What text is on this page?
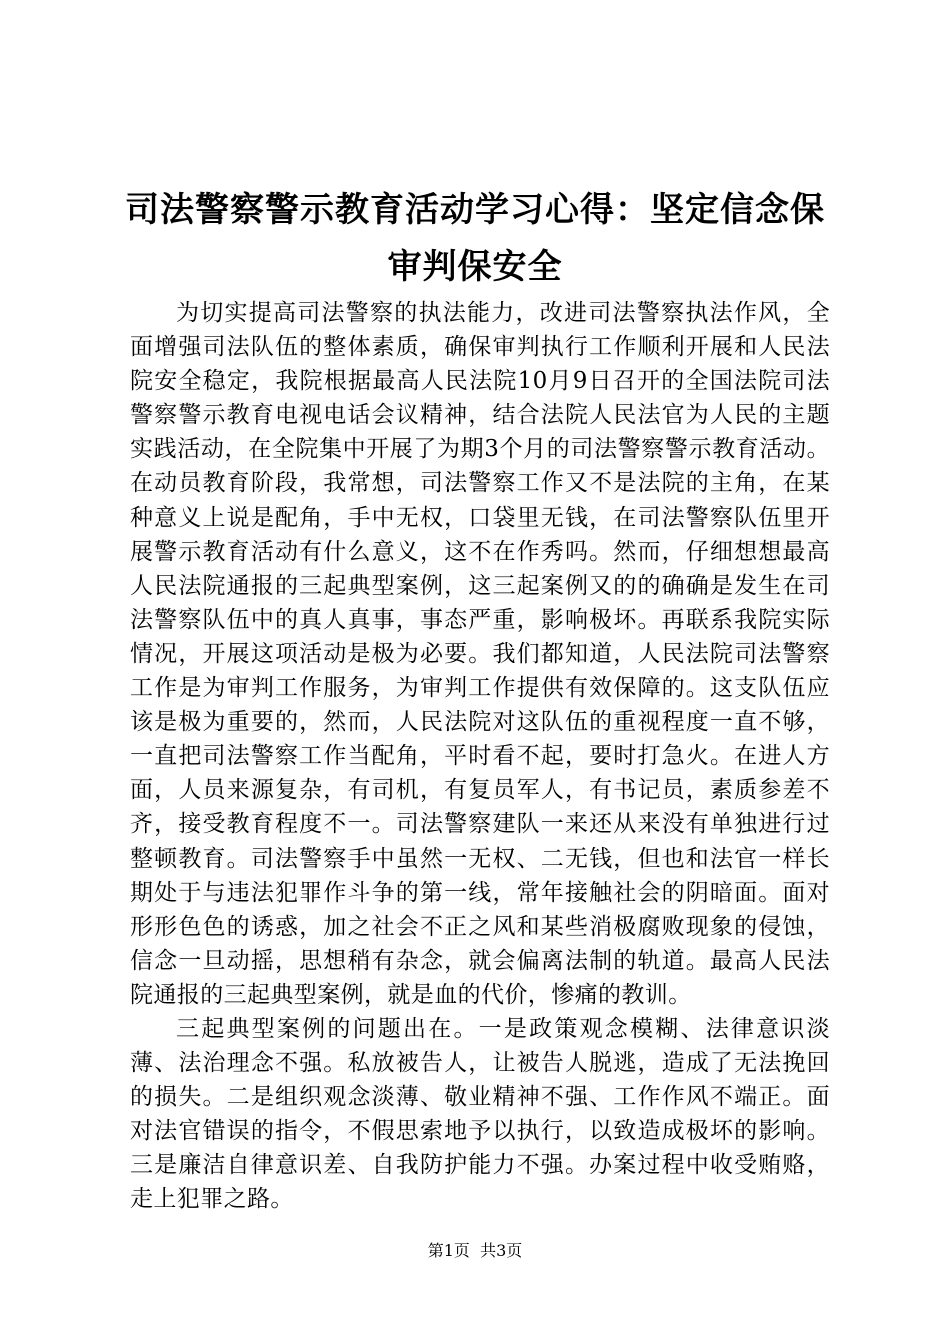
司法警察警示教育活动学习心得：坚定信念保
审判保安全

为切实提高司法警察的执法能力，改进司法警察执法作风，全面增强司法队伍的整体素质，确保审判执行工作顺利开展和人民法院安全稳定，我院根据最高人民法院10月9日召开的全国法院司法警察警示教育电视电话会议精神，结合法院人民法官为人民的主题实践活动，在全院集中开展了为期3个月的司法警察警示教育活动。在动员教育阶段，我常想，司法警察工作又不是法院的主角，在某种意义上说是配角，手中无权，口袋里无钱，在司法警察队伍里开展警示教育活动有什么意义，这不在作秀吗。然而，仔细想想最高人民法院通报的三起典型案例，这三起案例又的的确确是发生在司法警察队伍中的真人真事，事态严重，影响极坏。再联系我院实际情况，开展这项活动是极为必要。我们都知道，人民法院司法警察工作是为审判工作服务，为审判工作提供有效保障的。这支队伍应该是极为重要的，然而，人民法院对这队伍的重视程度一直不够，一直把司法警察工作当配角，平时看不起，要时打急火。在进人方面，人员来源复杂，有司机，有复员军人，有书记员，素质参差不齐，接受教育程度不一。司法警察建队一来还从来没有单独进行过整顿教育。司法警察手中虽然一无权、二无钱，但也和法官一样长期处于与违法犯罪作斗争的第一线，常年接触社会的阴暗面。面对形形色色的诱惑，加之社会不正之风和某些消极腐败现象的侵蚀，信念一旦动摇，思想稍有杂念，就会偏离法制的轨道。最高人民法院通报的三起典型案例，就是血的代价，惨痛的教训。

三起典型案例的问题出在。一是政策观念模糊、法律意识淡薄、法治理念不强。私放被告人，让被告人脱逃，造成了无法挽回的损失。二是组织观念淡薄、敬业精神不强、工作作风不端正。面对法官错误的指令，不假思索地予以执行，以致造成极坏的影响。三是廉洁自律意识差、自我防护能力不强。办案过程中收受贿赂，走上犯罪之路。

第1页  共3页
